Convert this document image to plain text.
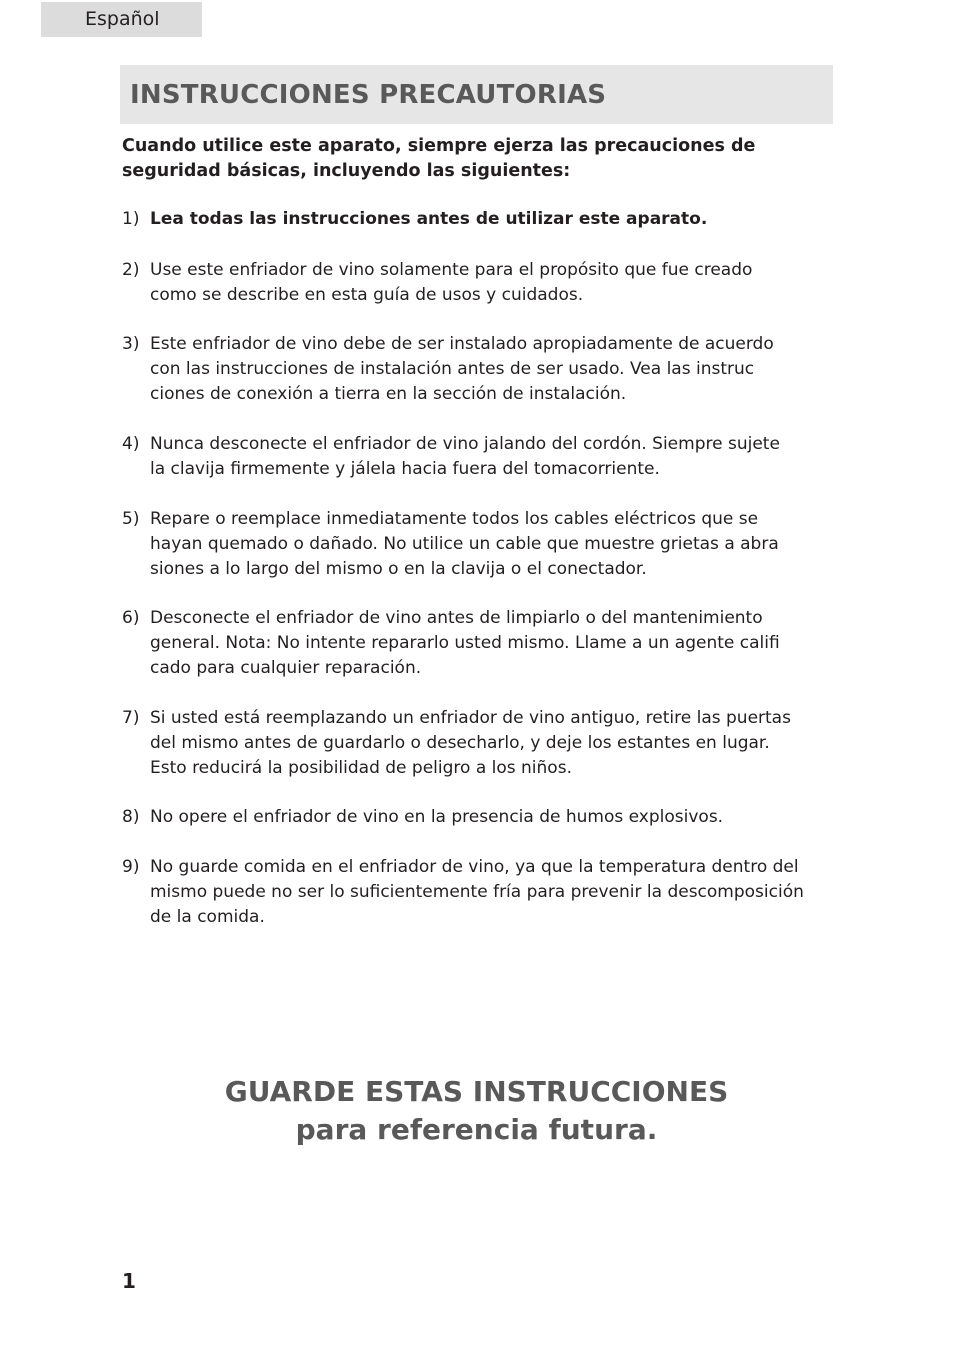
Español
INSTRUCCIONES PRECAUTORIAS

Cuando utilice este aparato, siempre ejerza las precauciones de seguridad básicas, incluyendo las siguientes:

1) Lea todas las instrucciones antes de utilizar este aparato.
2) Use este enfriador de vino solamente para el propósito que fue creado
como se describe en esta guía de usos y cuidados.
3) Este enfriador de vino debe de ser instalado apropiadamente de acuerdo
con las instrucciones de instalación antes de ser usado. Vea las instruc
ciones de conexión a tierra en la sección de instalación.
4) Nunca desconecte el enfriador de vino jalando del cordón. Siempre sujete
la clavija firmemente y jálela hacia fuera del tomacorriente.
5) Repare o reemplace inmediatamente todos los cables eléctricos que se
hayan quemado o dañado. No utilice un cable que muestre grietas a abra
siones a lo largo del mismo o en la clavija o el conectador.
6) Desconecte el enfriador de vino antes de limpiarlo o del mantenimiento
general. Nota: No intente repararlo usted mismo. Llame a un agente califi
cado para cualquier reparación.
7) Si usted está reemplazando un enfriador de vino antiguo, retire las puertas
del mismo antes de guardarlo o desecharlo, y deje los estantes en lugar.
Esto reducirá la posibilidad de peligro a los niños.
8) No opere el enfriador de vino en la presencia de humos explosivos.
9) No guarde comida en el enfriador de vino, ya que la temperatura dentro del
mismo puede no ser lo suficientemente fría para prevenir la descomposición
de la comida.
GUARDE ESTAS INSTRUCCIONES
para referencia futura.
1
